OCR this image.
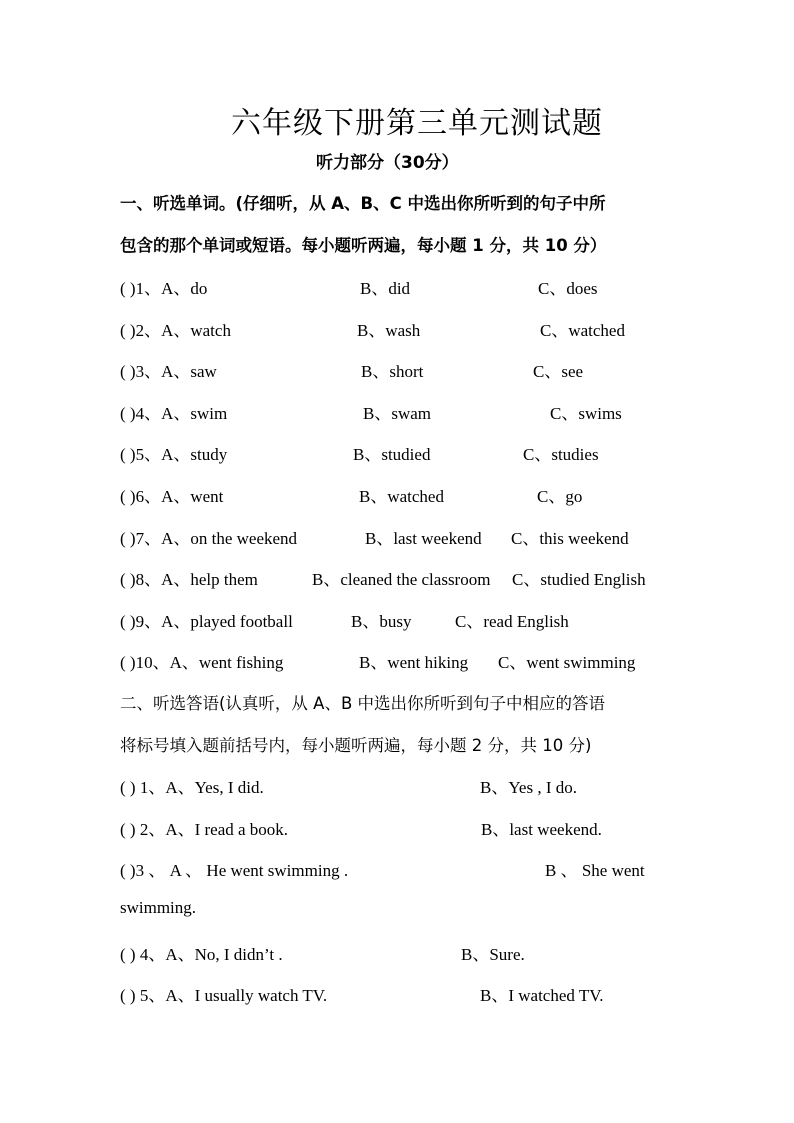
六年级下册第三单元测试题
听力部分（30分）
一、听选单词。(仔细听，从 A、B、C 中选出你所听到的句子中所
包含的那个单词或短语。每小题听两遍，每小题 1 分，共 10 分）
( )1、A、do	B、did	C、does
( )2、A、watch	B、wash	C、watched
( )3、A、saw	B、short	C、see
( )4、A、swim	B、swam	C、swims
( )5、A、study	B、studied	C、studies
( )6、A、went	B、watched	C、go
( )7、A、on the weekend	B、last weekend C、this weekend
( )8、A、help them	B、cleaned the classroom C、studied English
( )9、A、played football	B、busy	C、read English
( )10、A、went fishing	B、went hiking C、went swimming
二、听选答语(认真听，从 A、B 中选出你所听到句子中相应的答语
将标号填入题前括号内，每小题听两遍，每小题 2 分，共 10 分)
( ) 1、A、Yes, I did.	B、Yes , I do.
( ) 2、A、I read a book.	B、last weekend.
( )3 、 A 、 He went swimming .	B 、 She went
swimming.
( ) 4、A、No, I didn’t .	B、Sure.
( ) 5、A、I usually watch TV.	B、I watched TV.
